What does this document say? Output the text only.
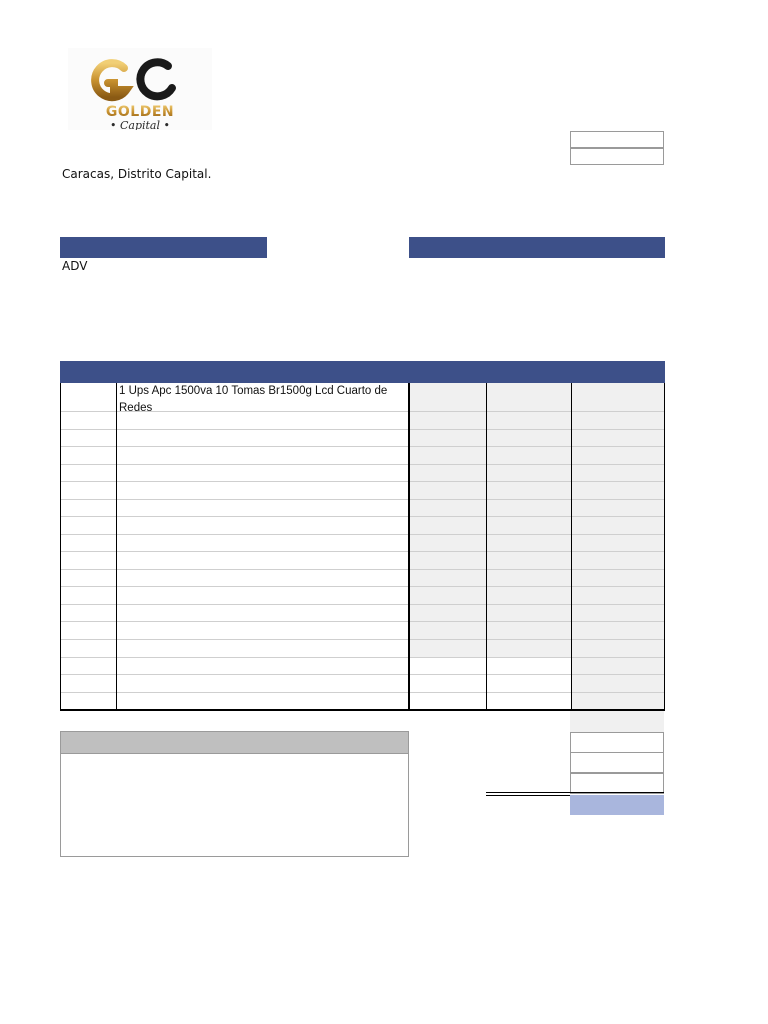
GOLDEN
• Capital •
Caracas, Distrito Capital.
ADV
1 Ups Apc 1500va 10 Tomas Br1500g Lcd Cuarto de Redes
